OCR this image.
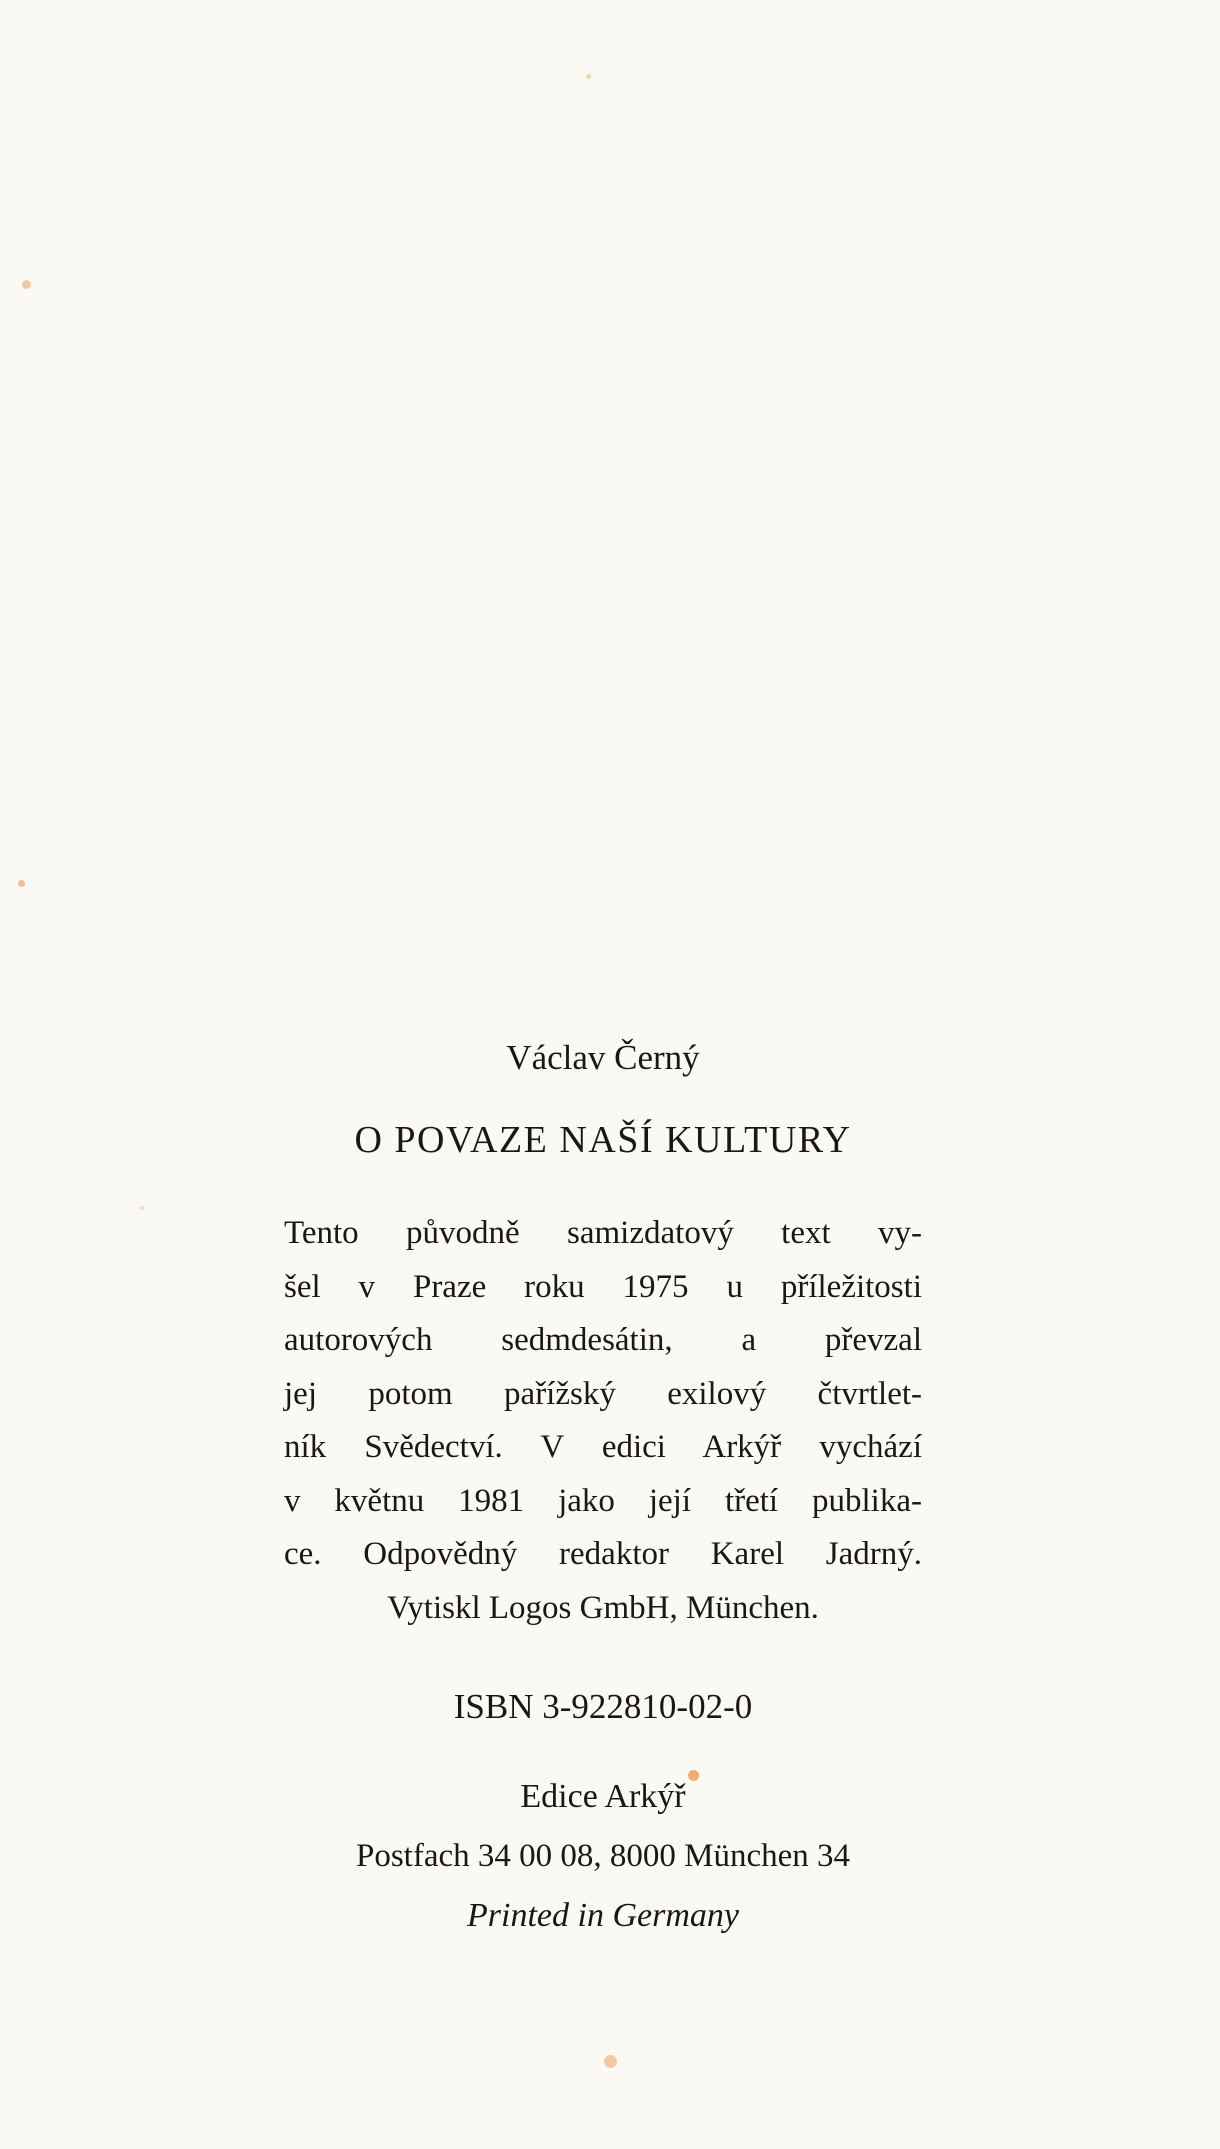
Václav Černý
O POVAZE NAŠÍ KULTURY
Tento původně samizdatový text vy-
šel v Praze roku 1975 u příležitosti
autorových sedmdesátin, a převzal
jej potom pařížský exilový čtvrtlet-
ník Svědectví. V edici Arkýř vychází
v květnu 1981 jako její třetí publika-
ce. Odpovědný redaktor Karel Jadrný.
Vytiskl Logos GmbH, München.
ISBN 3-922810-02-0
Edice Arkýř
Postfach 34 00 08, 8000 München 34
Printed in Germany
